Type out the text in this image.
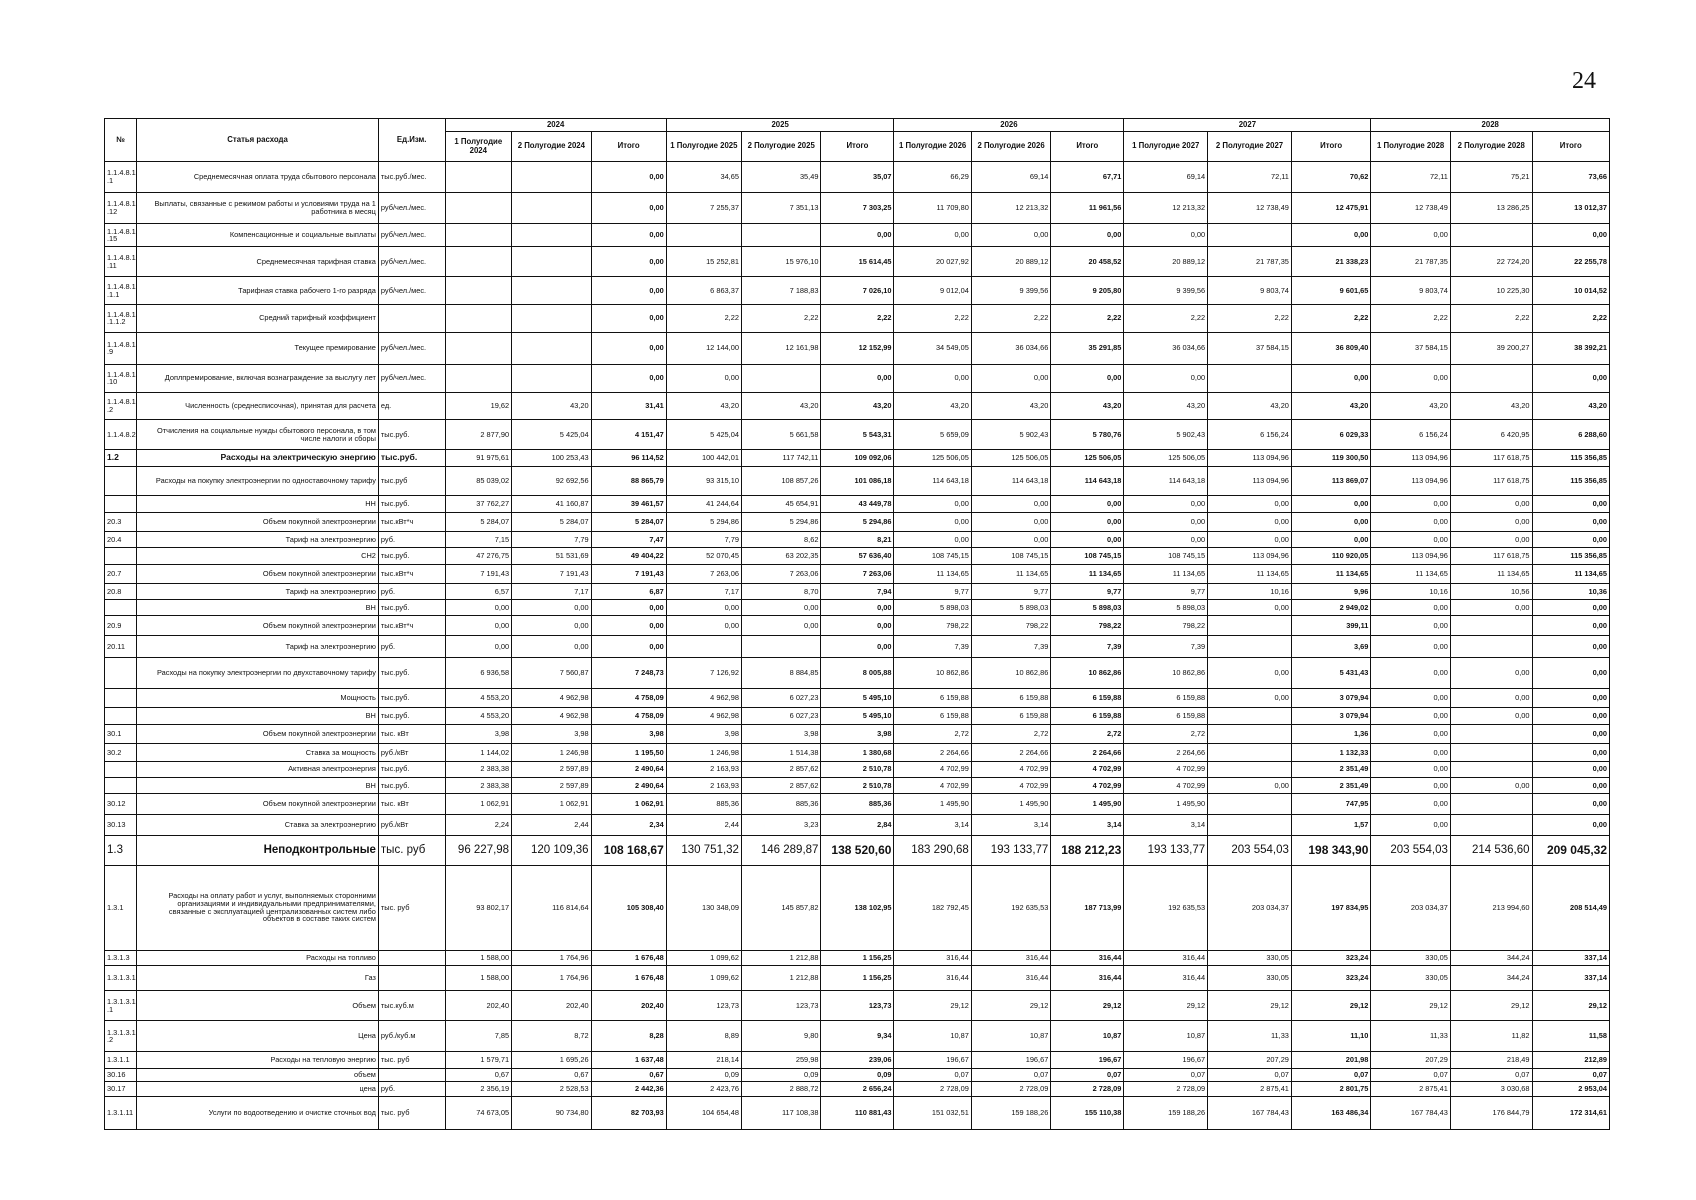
24
№	Статья расхода	Ед.Изм.	2024			2025			2026			2027			2028		
			1 Полугодие 2024	2 Полугодие 2024	Итого	1 Полугодие 2025	2 Полугодие 2025	Итого	1 Полугодие 2026	2 Полугодие 2026	Итого	1 Полугодие 2027	2 Полугодие 2027	Итого	1 Полугодие 2028	2 Полугодие 2028	Итого
1.1.4.8.1 .1	Среднемесячная оплата труда сбытового персонала	тыс.руб./мес.			0,00	34,65	35,49	35,07	66,29	69,14	67,71	69,14	72,11	70,62	72,11	75,21	73,66
1.1.4.8.1 .12	Выплаты, связанные с режимом работы и условиями труда на 1 работника в месяц	руб/чел./мес.			0,00	7 255,37	7 351,13	7 303,25	11 709,80	12 213,32	11 961,56	12 213,32	12 738,49	12 475,91	12 738,49	13 286,25	13 012,37
1.1.4.8.1 .15	Компенсационные и социальные выплаты	руб/чел./мес.			0,00			0,00	0,00	0,00	0,00	0,00		0,00	0,00		0,00
1.1.4.8.1 .11	Среднемесячная тарифная ставка	руб/чел./мес.			0,00	15 252,81	15 976,10	15 614,45	20 027,92	20 889,12	20 458,52	20 889,12	21 787,35	21 338,23	21 787,35	22 724,20	22 255,78
1.1.4.8.1 .1.1	Тарифная ставка рабочего 1-го разряда	руб/чел./мес.			0,00	6 863,37	7 188,83	7 026,10	9 012,04	9 399,56	9 205,80	9 399,56	9 803,74	9 601,65	9 803,74	10 225,30	10 014,52
1.1.4.8.1 .1.1.2	Средний тарифный коэффициент				0,00	2,22	2,22	2,22	2,22	2,22	2,22	2,22	2,22	2,22	2,22	2,22	2,22
1.1.4.8.1 .9	Текущее премирование	руб/чел./мес.			0,00	12 144,00	12 161,98	12 152,99	34 549,05	36 034,66	35 291,85	36 034,66	37 584,15	36 809,40	37 584,15	39 200,27	38 392,21
1.1.4.8.1 .10	Доплпремирование, включая вознаграждение за выслугу лет	руб/чел./мес.			0,00	0,00		0,00	0,00	0,00	0,00	0,00		0,00	0,00		0,00
1.1.4.8.1 .2	Численность (среднесписочная), принятая для расчета	ед.	19,62	43,20	31,41	43,20	43,20	43,20	43,20	43,20	43,20	43,20	43,20	43,20	43,20	43,20	43,20
1.1.4.8.2	Отчисления на социальные нужды сбытового персонала, в том числе налоги и сборы	тыс.руб.	2 877,90	5 425,04	4 151,47	5 425,04	5 661,58	5 543,31	5 659,09	5 902,43	5 780,76	5 902,43	6 156,24	6 029,33	6 156,24	6 420,95	6 288,60
1.2	Расходы на электрическую энергию	тыс.руб.	91 975,61	100 253,43	96 114,52	100 442,01	117 742,11	109 092,06	125 506,05	125 506,05	125 506,05	125 506,05	113 094,96	119 300,50	113 094,96	117 618,75	115 356,85
	Расходы на покупку электроэнергии по одноставочному тарифу	тыс.руб	85 039,02	92 692,56	88 865,79	93 315,10	108 857,26	101 086,18	114 643,18	114 643,18	114 643,18	114 643,18	113 094,96	113 869,07	113 094,96	117 618,75	115 356,85
	НН	тыс.руб.	37 762,27	41 160,87	39 461,57	41 244,64	45 654,91	43 449,78	0,00	0,00	0,00	0,00	0,00	0,00	0,00	0,00	0,00
20.3	Объем покупной электроэнергии	тыс.кВт*ч	5 284,07	5 284,07	5 284,07	5 294,86	5 294,86	5 294,86	0,00	0,00	0,00	0,00	0,00	0,00	0,00	0,00	0,00
20.4	Тариф на электроэнергию	руб.	7,15	7,79	7,47	7,79	8,62	8,21	0,00	0,00	0,00	0,00	0,00	0,00	0,00	0,00	0,00
	СН2	тыс.руб.	47 276,75	51 531,69	49 404,22	52 070,45	63 202,35	57 636,40	108 745,15	108 745,15	108 745,15	108 745,15	113 094,96	110 920,05	113 094,96	117 618,75	115 356,85
20.7	Объем покупной электроэнергии	тыс.кВт*ч	7 191,43	7 191,43	7 191,43	7 263,06	7 263,06	7 263,06	11 134,65	11 134,65	11 134,65	11 134,65	11 134,65	11 134,65	11 134,65	11 134,65	11 134,65
20.8	Тариф на электроэнергию	руб.	6,57	7,17	6,87	7,17	8,70	7,94	9,77	9,77	9,77	9,77	10,16	9,96	10,16	10,56	10,36
	ВН	тыс.руб.	0,00	0,00	0,00	0,00	0,00	0,00	5 898,03	5 898,03	5 898,03	5 898,03	0,00	2 949,02	0,00	0,00	0,00
20.9	Объем покупной электроэнергии	тыс.кВт*ч	0,00	0,00	0,00	0,00	0,00	0,00	798,22	798,22	798,22	798,22		399,11	0,00		0,00
20.11	Тариф на электроэнергию	руб.	0,00	0,00	0,00			0,00	7,39	7,39	7,39	7,39		3,69	0,00		0,00
	Расходы на покупку электроэнергии по двухставочному тарифу	тыс.руб.	6 936,58	7 560,87	7 248,73	7 126,92	8 884,85	8 005,88	10 862,86	10 862,86	10 862,86	10 862,86	0,00	5 431,43	0,00	0,00	0,00
	Мощность	тыс.руб.	4 553,20	4 962,98	4 758,09	4 962,98	6 027,23	5 495,10	6 159,88	6 159,88	6 159,88	6 159,88	0,00	3 079,94	0,00	0,00	0,00
	ВН	тыс.руб.	4 553,20	4 962,98	4 758,09	4 962,98	6 027,23	5 495,10	6 159,88	6 159,88	6 159,88	6 159,88		3 079,94	0,00	0,00	0,00
30.1	Объем покупной электроэнергии	тыс. кВт	3,98	3,98	3,98	3,98	3,98	3,98	2,72	2,72	2,72	2,72		1,36	0,00		0,00
30.2	Ставка за мощность	руб./кВт	1 144,02	1 246,98	1 195,50	1 246,98	1 514,38	1 380,68	2 264,66	2 264,66	2 264,66	2 264,66		1 132,33	0,00		0,00
	Активная электроэнергия	тыс.руб.	2 383,38	2 597,89	2 490,64	2 163,93	2 857,62	2 510,78	4 702,99	4 702,99	4 702,99	4 702,99		2 351,49	0,00		0,00
	ВН	тыс.руб.	2 383,38	2 597,89	2 490,64	2 163,93	2 857,62	2 510,78	4 702,99	4 702,99	4 702,99	4 702,99	0,00	2 351,49	0,00	0,00	0,00
30.12	Объем покупной электроэнергии	тыс. кВт	1 062,91	1 062,91	1 062,91	885,36	885,36	885,36	1 495,90	1 495,90	1 495,90	1 495,90		747,95	0,00		0,00
30.13	Ставка за электроэнергию	руб./кВт	2,24	2,44	2,34	2,44	3,23	2,84	3,14	3,14	3,14	3,14		1,57	0,00		0,00
1.3	Неподконтрольные	тыс. руб	96 227,98	120 109,36	108 168,67	130 751,32	146 289,87	138 520,60	183 290,68	193 133,77	188 212,23	193 133,77	203 554,03	198 343,90	203 554,03	214 536,60	209 045,32
1.3.1	Расходы на оплату работ и услуг, выполняемых сторонними организациями и индивидуальными предпринимателями, связанные с эксплуатацией централизованных систем либо объектов в составе таких систем	тыс. руб	93 802,17	116 814,64	105 308,40	130 348,09	145 857,82	138 102,95	182 792,45	192 635,53	187 713,99	192 635,53	203 034,37	197 834,95	203 034,37	213 994,60	208 514,49
1.3.1.3	Расходы на топливо		1 588,00	1 764,96	1 676,48	1 099,62	1 212,88	1 156,25	316,44	316,44	316,44	316,44	330,05	323,24	330,05	344,24	337,14
1.3.1.3.1	Газ		1 588,00	1 764,96	1 676,48	1 099,62	1 212,88	1 156,25	316,44	316,44	316,44	316,44	330,05	323,24	330,05	344,24	337,14
1.3.1.3.1 .1	Объем	тыс.куб.м	202,40	202,40	202,40	123,73	123,73	123,73	29,12	29,12	29,12	29,12	29,12	29,12	29,12	29,12	29,12
1.3.1.3.1 .2	Цена	руб./куб.м	7,85	8,72	8,28	8,89	9,80	9,34	10,87	10,87	10,87	10,87	11,33	11,10	11,33	11,82	11,58
1.3.1.1	Расходы на тепловую энергию	тыс. руб	1 579,71	1 695,26	1 637,48	218,14	259,98	239,06	196,67	196,67	196,67	196,67	207,29	201,98	207,29	218,49	212,89
30.16	объем		0,67	0,67	0,67	0,09	0,09	0,09	0,07	0,07	0,07	0,07	0,07	0,07	0,07	0,07	0,07
30.17	цена	руб.	2 356,19	2 528,53	2 442,36	2 423,76	2 888,72	2 656,24	2 728,09	2 728,09	2 728,09	2 728,09	2 875,41	2 801,75	2 875,41	3 030,68	2 953,04
1.3.1.11	Услуги по водоотведению и очистке сточных вод	тыс. руб	74 673,05	90 734,80	82 703,93	104 654,48	117 108,38	110 881,43	151 032,51	159 188,26	155 110,38	159 188,26	167 784,43	163 486,34	167 784,43	176 844,79	172 314,61
